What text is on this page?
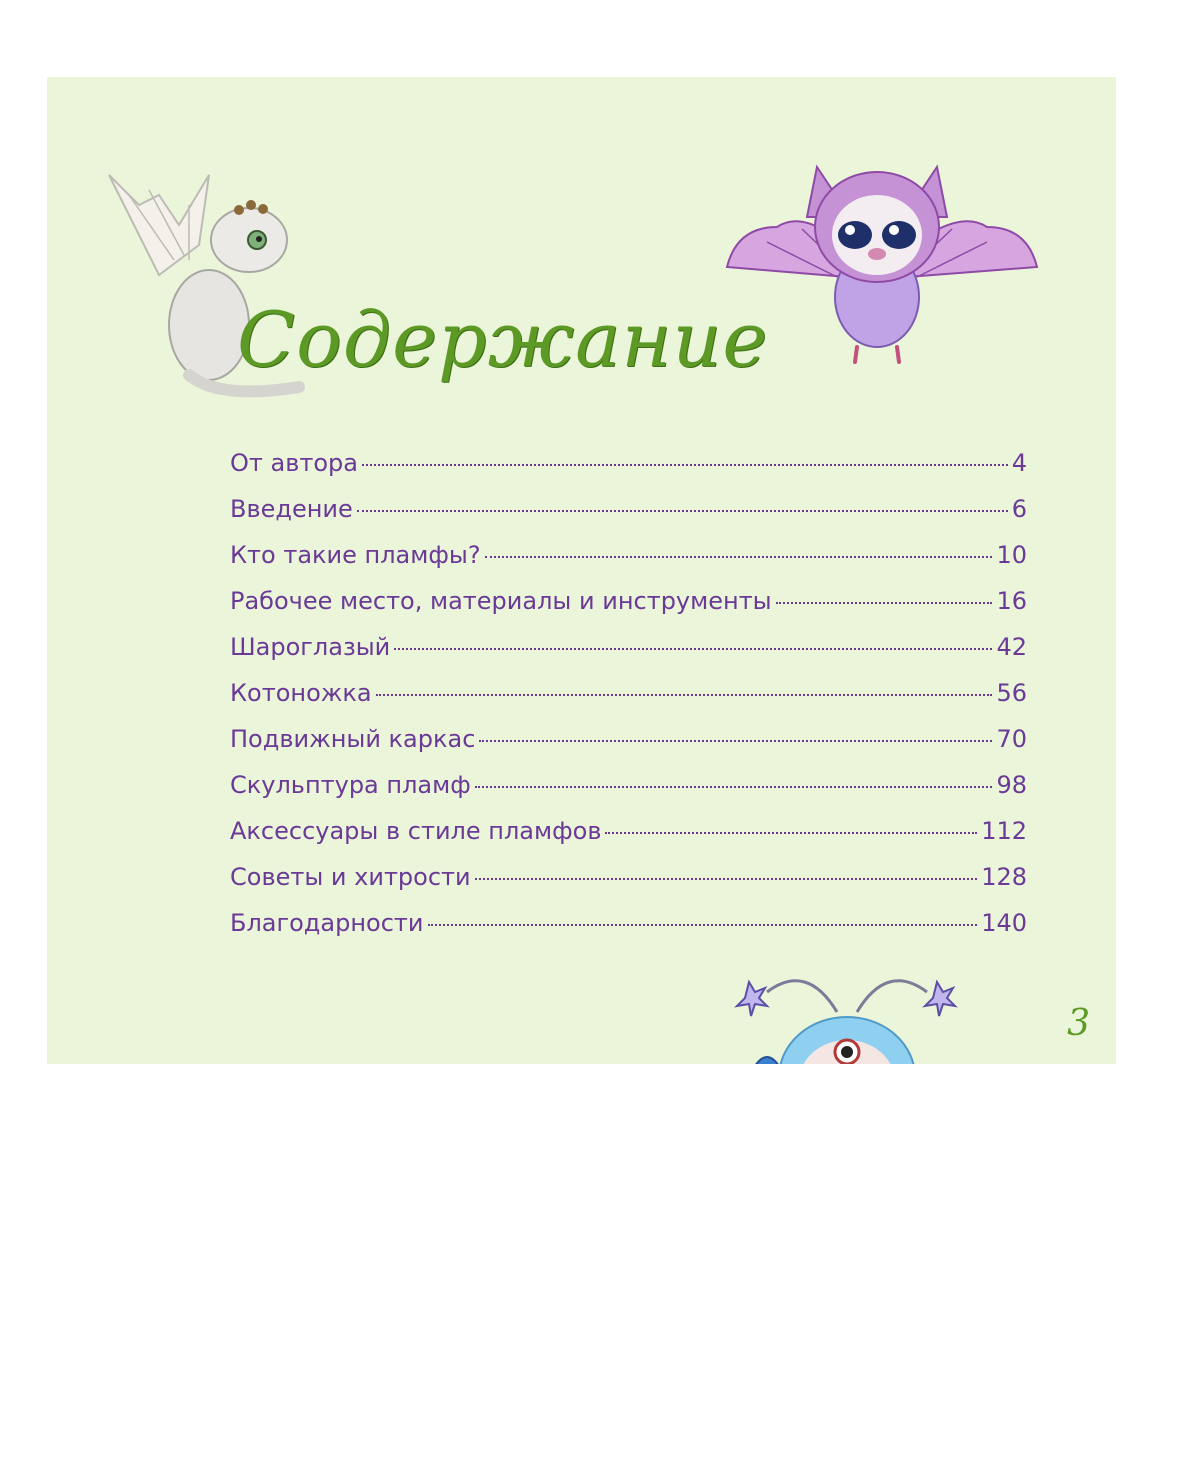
Содержание
От автора	4
Введение	6
Кто такие пламфы?	10
Рабочее место, материалы и инструменты	16
Шароглазый	42
Котоножка	56
Подвижный каркас	70
Скульптура пламф	98
Аксессуары в стиле пламфов	112
Советы и хитрости	128
Благодарности	140
3
